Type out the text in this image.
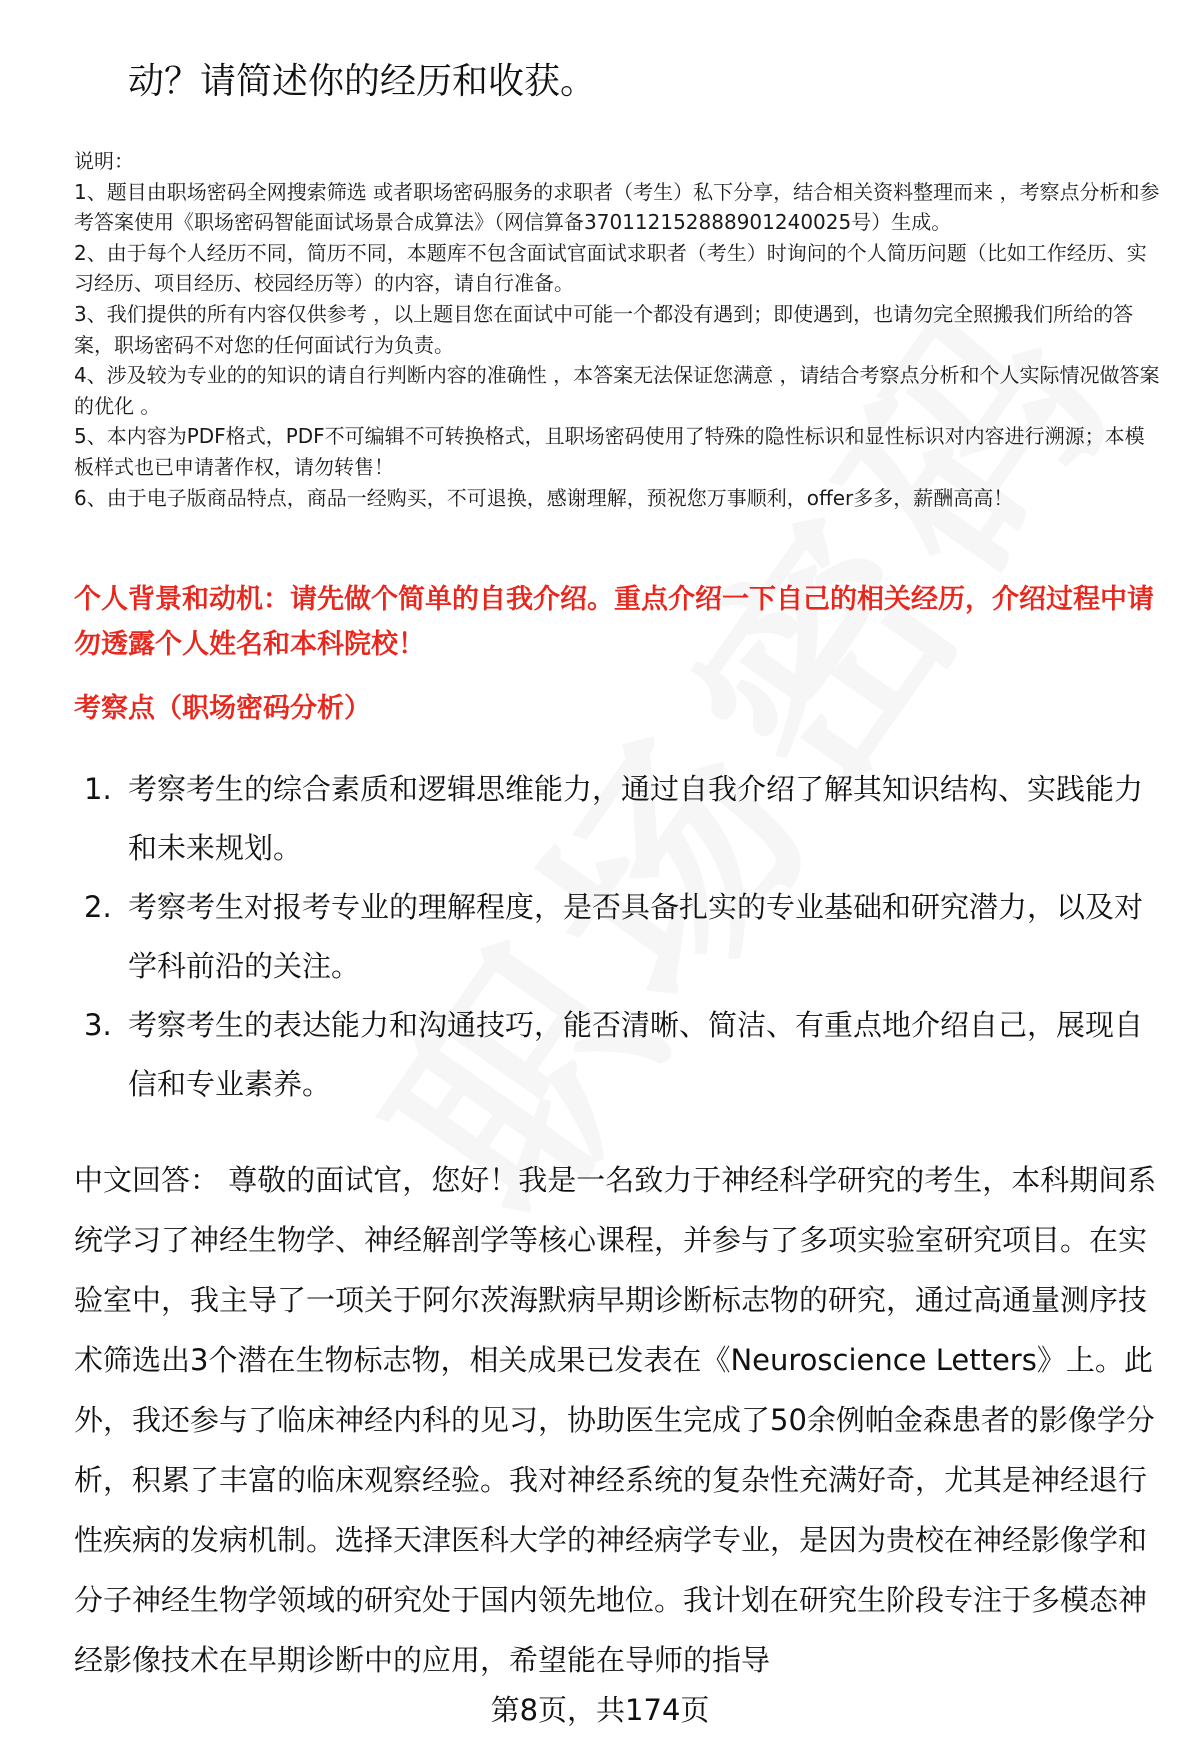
动？请简述你的经历和收获。

说明：

1、题目由职场密码全网搜索筛选 或者职场密码服务的求职者（考生）私下分享，结合相关资料整理而来 ，考察点分析和参考答案使用《职场密码智能面试场景合成算法》（网信算备370112152888901240025号）生成。

2、由于每个人经历不同，简历不同，本题库不包含面试官面试求职者（考生）时询问的个人简历问题（比如工作经历、实习经历、项目经历、校园经历等）的内容，请自行准备。

3、我们提供的所有内容仅供参考 ，以上题目您在面试中可能一个都没有遇到；即使遇到，也请勿完全照搬我们所给的答案，职场密码不对您的任何面试行为负责。

4、涉及较为专业的的知识的请自行判断内容的准确性 ，本答案无法保证您满意 ，请结合考察点分析和个人实际情况做答案的优化 。

5、本内容为PDF格式，PDF不可编辑不可转换格式，且职场密码使用了特殊的隐性标识和显性标识对内容进行溯源；本模板样式也已申请著作权，请勿转售！

6、由于电子版商品特点，商品一经购买，不可退换，感谢理解，预祝您万事顺利，offer多多，薪酬高高！

个人背景和动机：请先做个简单的自我介绍。重点介绍一下自己的相关经历，介绍过程中请勿透露个人姓名和本科院校！

考察点（职场密码分析）

1. 考察考生的综合素质和逻辑思维能力，通过自我介绍了解其知识结构、实践能力和未来规划。
2. 考察考生对报考专业的理解程度，是否具备扎实的专业基础和研究潜力，以及对学科前沿的关注。
3. 考察考生的表达能力和沟通技巧，能否清晰、简洁、有重点地介绍自己，展现自信和专业素养。

中文回答： 尊敬的面试官，您好！我是一名致力于神经科学研究的考生，本科期间系统学习了神经生物学、神经解剖学等核心课程，并参与了多项实验室研究项目。在实验室中，我主导了一项关于阿尔茨海默病早期诊断标志物的研究，通过高通量测序技术筛选出3个潜在生物标志物，相关成果已发表在《Neuroscience Letters》上。此外，我还参与了临床神经内科的见习，协助医生完成了50余例帕金森患者的影像学分析，积累了丰富的临床观察经验。我对神经系统的复杂性充满好奇，尤其是神经退行性疾病的发病机制。选择天津医科大学的神经病学专业，是因为贵校在神经影像学和分子神经生物学领域的研究处于国内领先地位。我计划在研究生阶段专注于多模态神经影像技术在早期诊断中的应用，希望能在导师的指导

第8页，共174页
